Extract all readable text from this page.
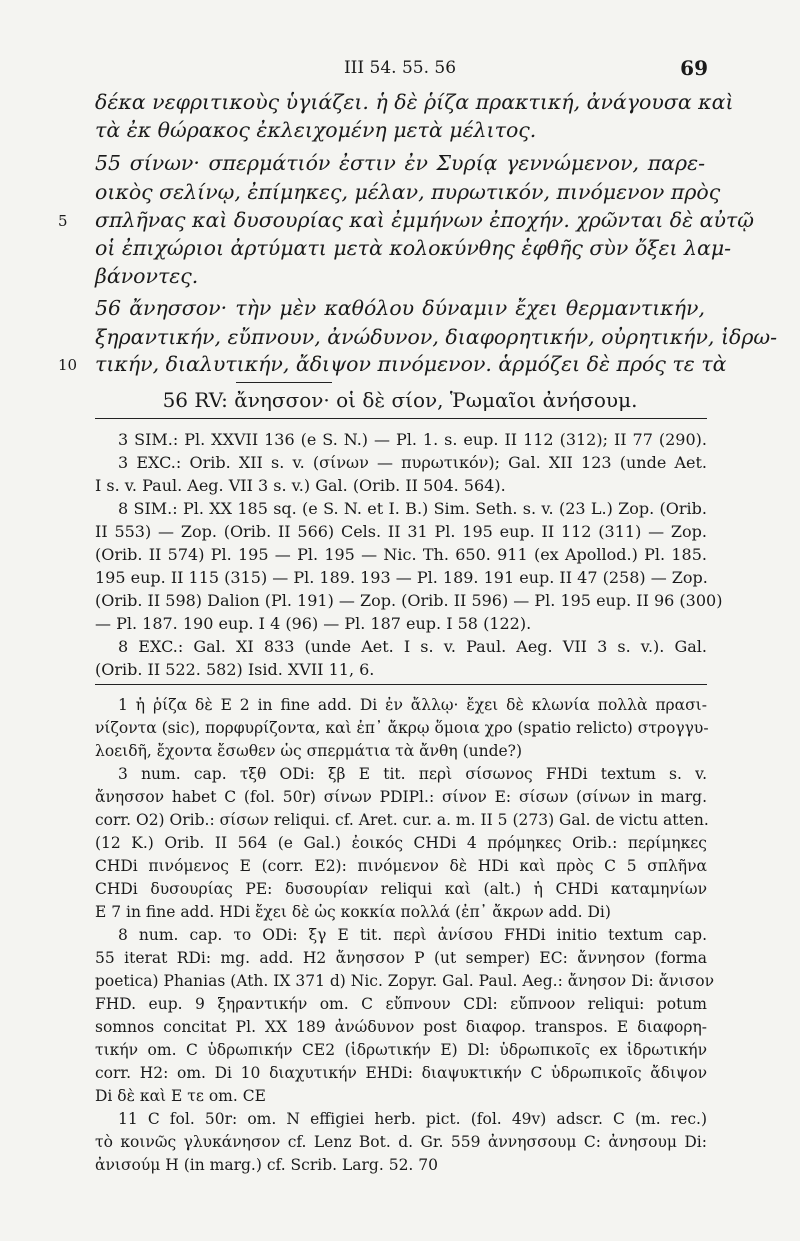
III 54. 55. 56	69
δέκα νεφριτικοὺς ὑγιάζει. ἡ δὲ ῥίζα πρακτική, ἀνάγουσα καὶ
τὰ ἐκ θώρακος ἐκλειχομένη μετὰ μέλιτος.
55 σίνων· σπερμάτιόν ἐστιν ἐν Συρίᾳ γεννώμενον, παρε-
οικὸς σελίνῳ, ἐπίμηκες, μέλαν, πυρωτικόν, πινόμενον πρὸς
5 σπλῆνας καὶ δυσουρίας καὶ ἐμμήνων ἐποχήν. χρῶνται δὲ αὐτῷ
οἱ ἐπιχώριοι ἀρτύματι μετὰ κολοκύνθης ἑφθῆς σὺν ὄξει λαμ-
βάνοντες.
56 ἄνησσον· τὴν μὲν καθόλου δύναμιν ἔχει θερμαντικήν,
ξηραντικήν, εὔπνουν, ἀνώδυνον, διαφορητικήν, οὐρητικήν, ἱδρω-
10 τικήν, διαλυτικήν, ἄδιψον πινόμενον. ἁρμόζει δὲ πρός τε τὰ
56 RV: ἄνησσον· οἱ δὲ σίον, Ῥωμαῖοι ἀνήσουμ.
3 SIM.: Pl. XXVII 136 (e S. N.) — Pl. 1. s. eup. II 112 (312); II 77 (290).
3 EXC.: Orib. XII s. v. (σίνων — πυρωτικόν); Gal. XII 123 (unde Aet.
I s. v. Paul. Aeg. VII 3 s. v.) Gal. (Orib. II 504. 564).
8 SIM.: Pl. XX 185 sq. (e S. N. et I. B.) Sim. Seth. s. v. (23 L.) Zop. (Orib.
II 553) — Zop. (Orib. II 566) Cels. II 31 Pl. 195 eup. II 112 (311) — Zop.
(Orib. II 574) Pl. 195 — Pl. 195 — Nic. Th. 650. 911 (ex Apollod.) Pl. 185.
195 eup. II 115 (315) — Pl. 189. 193 — Pl. 189. 191 eup. II 47 (258) — Zop.
(Orib. II 598) Dalion (Pl. 191) — Zop. (Orib. II 596) — Pl. 195 eup. II 96 (300)
— Pl. 187. 190 eup. I 4 (96) — Pl. 187 eup. I 58 (122).
8 EXC.: Gal. XI 833 (unde Aet. I s. v. Paul. Aeg. VII 3 s. v.). Gal.
(Orib. II 522. 582) Isid. XVII 11, 6.
1 ἡ ῥίζα δὲ E 2 in fine add. Di ἐν ἄλλῳ· ἔχει δὲ κλωνία πολλὰ πρασι-
νίζοντα (sic), πορφυρίζοντα, καὶ ἐπ᾽ ἄκρῳ ὅμοια χρο (spatio relicto) στρογγυ-
λοειδῆ, ἔχοντα ἔσωθεν ὡς σπερμάτια τὰ ἄνθη (unde?)
3 num. cap. τξθ ODi: ξβ E tit. περὶ σίσωνος FHDi textum s. v.
ἄνησσον habet C (fol. 50r) σίνων PDIPl.: σίνον E: σίσων (σίνων in marg.
corr. O2) Orib.: σίσων reliqui. cf. Aret. cur. a. m. II 5 (273) Gal. de victu atten.
(12 K.) Orib. II 564 (e Gal.) ἐοικός CHDi 4 πρόμηκες Orib.: περίμηκες
CHDi πινόμενος E (corr. E2): πινόμενον δὲ HDi καὶ πρὸς C 5 σπλῆνα
CHDi δυσουρίας PE: δυσουρίαν reliqui καὶ (alt.) ἡ CHDi καταμηνίων
E 7 in fine add. HDi ἔχει δὲ ὡς κοκκία πολλά (ἐπ᾽ ἄκρων add. Di)
8 num. cap. το ODi: ξγ E tit. περὶ ἀνίσου FHDi initio textum cap.
55 iterat RDi: mg. add. H2 ἄνησσον P (ut semper) EC: ἄννησον (forma
poetica) Phanias (Ath. IX 371 d) Nic. Zopyr. Gal. Paul. Aeg.: ἄνησον Di: ἄνισον
FHD. eup. 9 ξηραντικήν om. C εὔπνουν CDl: εὔπνοον reliqui: potum
somnos concitat Pl. XX 189 ἀνώδυνον post διαφορ. transpos. E διαφορη-
τικήν om. C ὑδρωπικήν CE2 (ἱδρωτικήν E) Dl: ὑδρωπικοῖς ex ἱδρωτικήν
corr. H2: om. Di 10 διαχυτικήν EHDi: διαψυκτικήν C ὑδρωπικοῖς ἄδιψον
Di δὲ καὶ E τε om. CE
11 C fol. 50r: om. N effigiei herb. pict. (fol. 49v) adscr. C (m. rec.)
τὸ κοινῶς γλυκάνησον cf. Lenz Bot. d. Gr. 559 ἀννησσουμ C: ἀνησουμ Di:
ἀνισούμ H (in marg.) cf. Scrib. Larg. 52. 70
